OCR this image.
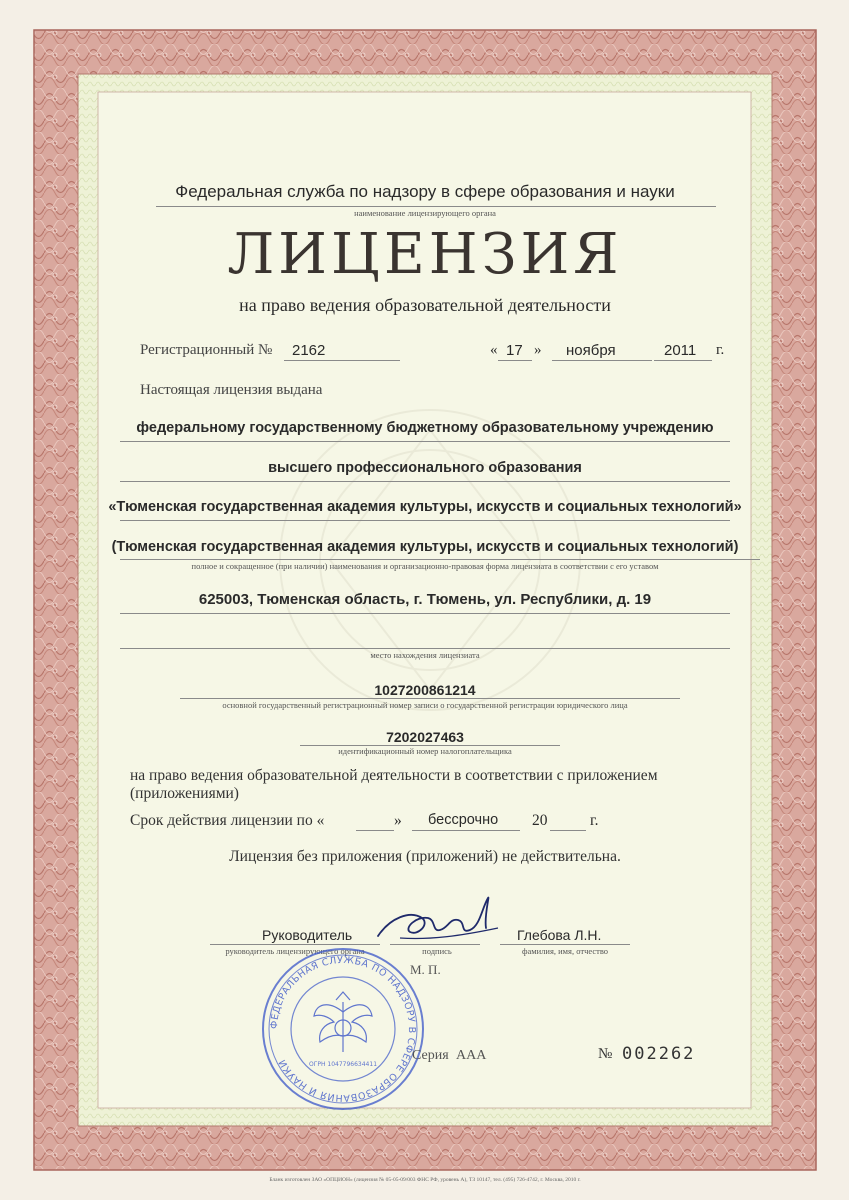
Федеральная служба по надзору в сфере образования и науки
наименование лицензирующего органа
ЛИЦЕНЗИЯ
на право ведения образовательной деятельности
Регистрационный № 2162	« 17 » ноября	2011 г.
Настоящая лицензия выдана
федеральному государственному бюджетному образовательному учреждению
высшего профессионального образования
«Тюменская государственная академия культуры, искусств и социальных технологий»
(Тюменская государственная академия культуры, искусств и социальных технологий)
полное и сокращенное (при наличии) наименования и организационно-правовая форма лицензиата в соответствии с его уставом
625003, Тюменская область, г. Тюмень, ул. Республики, д. 19
место нахождения лицензиата
1027200861214
основной государственный регистрационный номер записи о государственной регистрации юридического лица
7202027463
идентификационный номер налогоплательщика
на право ведения образовательной деятельности в соответствии с приложением
(приложениями)
Срок действия лицензии по «	» бессрочно 20	г.
Лицензия без приложения (приложений) не действительна.
Руководитель
руководитель лицензирующего органа	подпись
Глебова Л.Н.
фамилия, имя, отчество
М. П.
ФЕДЕРАЛЬНАЯ СЛУЖБА ПО НАДЗОРУ В СФЕРЕ ОБРАЗОВАНИЯ И НАУКИ	ОГРН 1047796634411
Серия ААА	№ 002262
Бланк изготовлен ЗАО «ОПЦИОН» (лицензия № 05-05-09/003 ФНС РФ, уровень А), ТЗ 10147, тел. (495) 726-4742, г. Москва, 2010 г.
